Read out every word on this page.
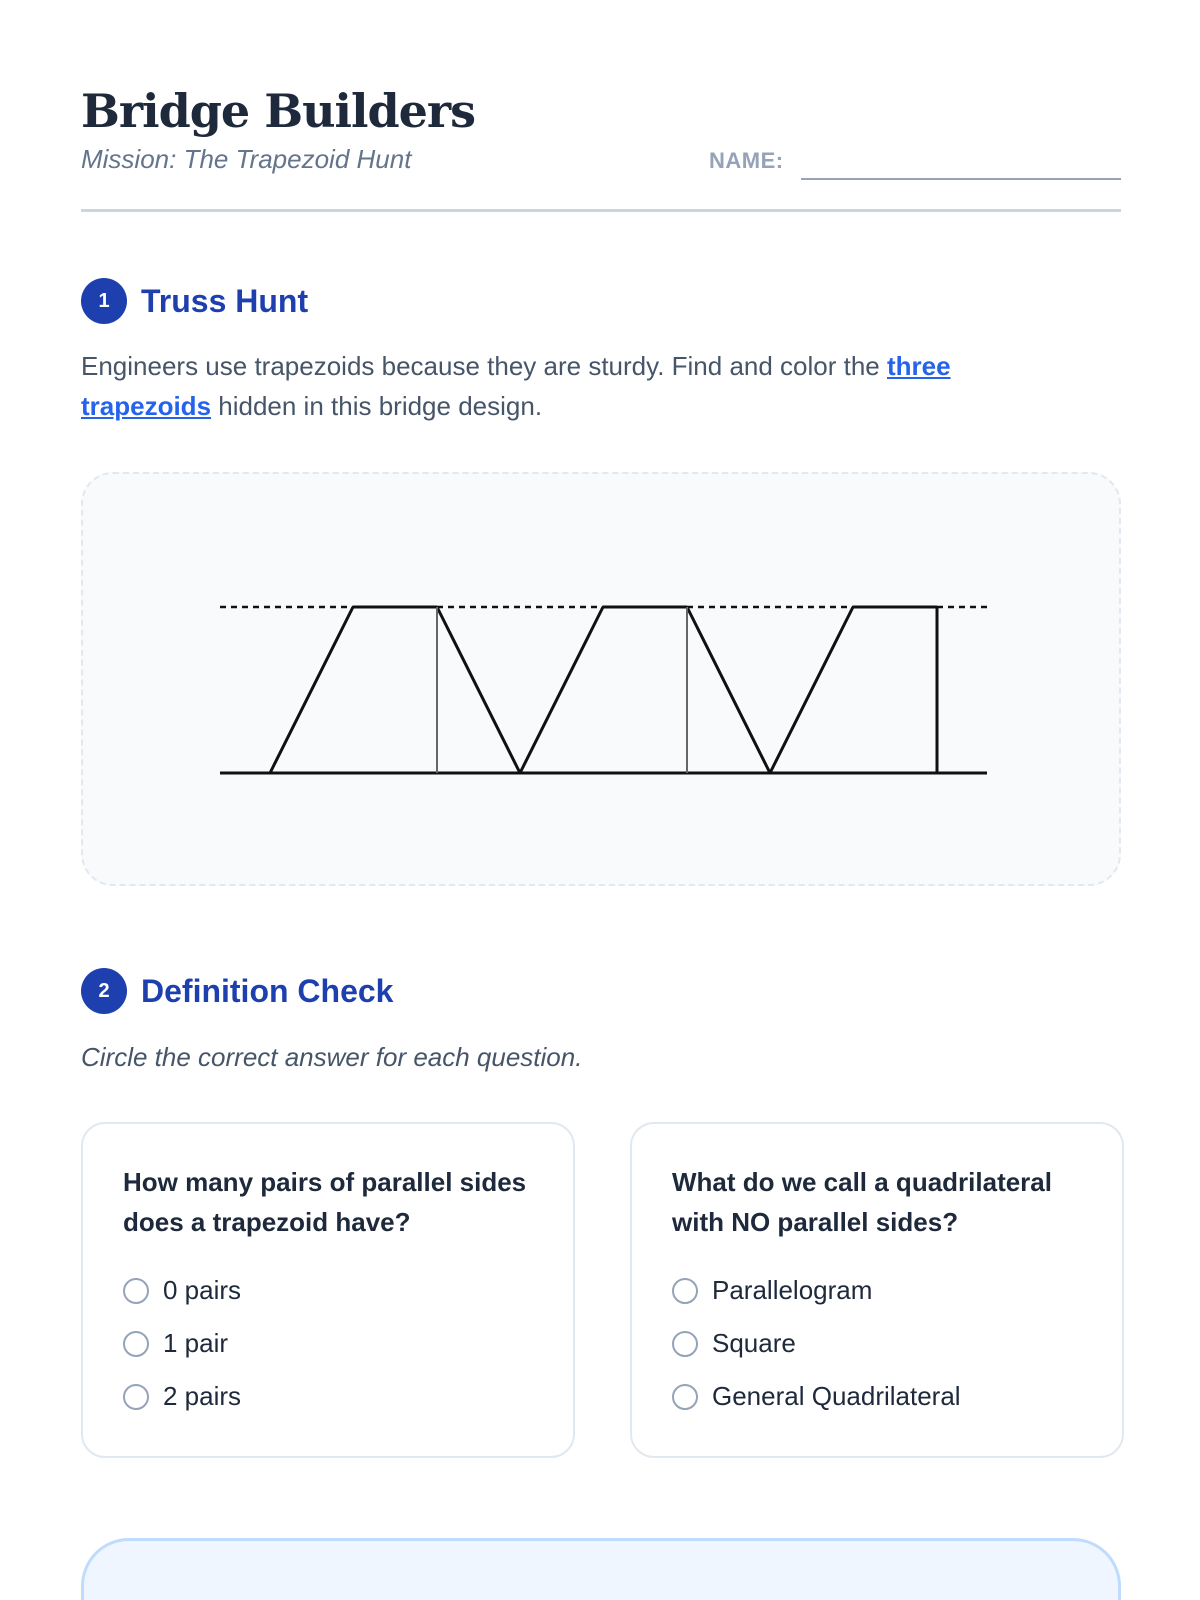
Bridge Builders
Mission: The Trapezoid Hunt	NAME:
1 Truss Hunt

Engineers use trapezoids because they are sturdy. Find and color the three trapezoids hidden in this bridge design.

2 Definition Check
Circle the correct answer for each question.

How many pairs of parallel sides does a trapezoid have?

0 pairs
1 pair
2 pairs

What do we call a quadrilateral with NO parallel sides?

Parallelogram
Square
General Quadrilateral
